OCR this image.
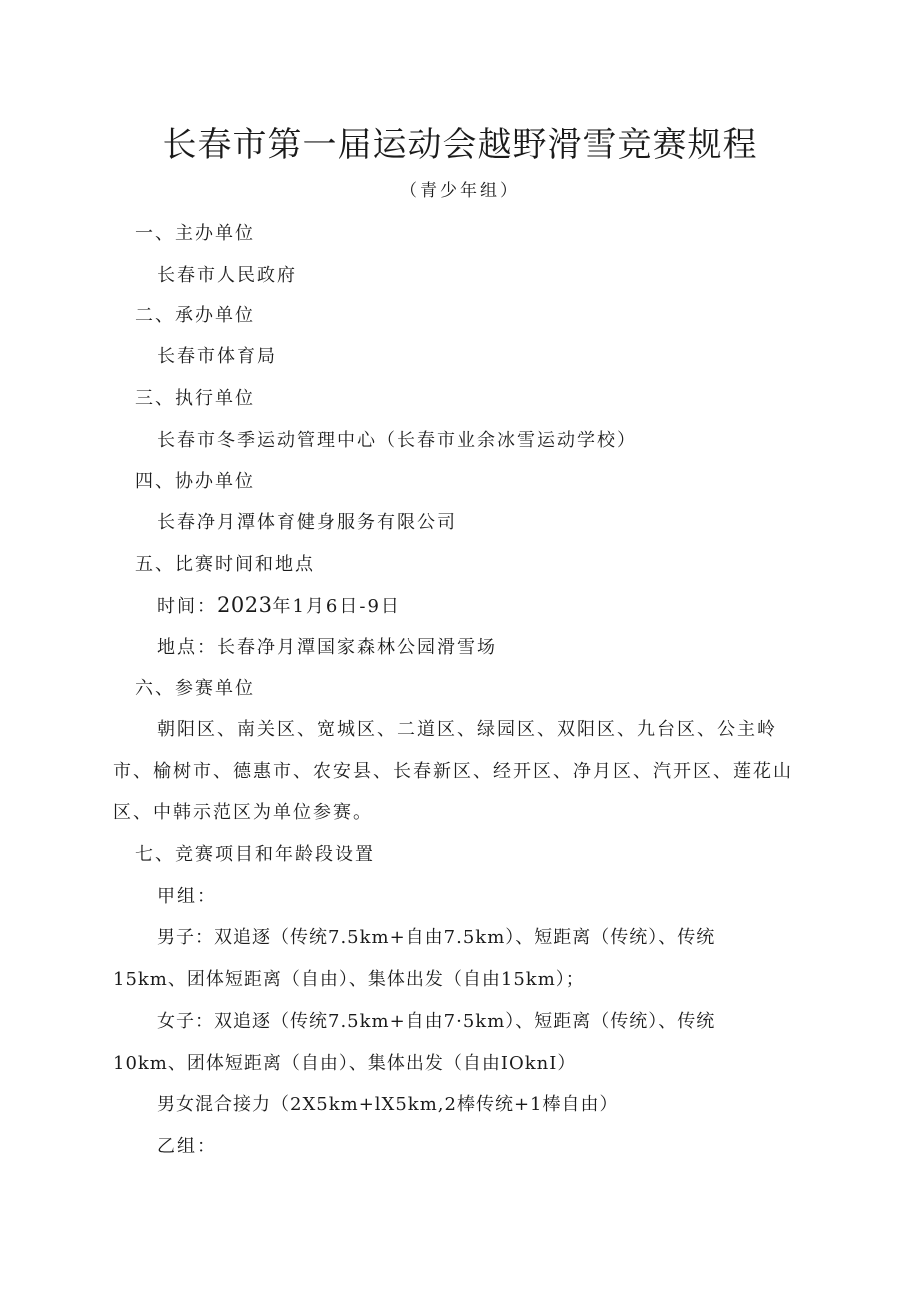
长春市第一届运动会越野滑雪竞赛规程
（青少年组）
一、主办单位
长春市人民政府
二、承办单位
长春市体育局
三、执行单位
长春市冬季运动管理中心（长春市业余冰雪运动学校）
四、协办单位
长春净月潭体育健身服务有限公司
五、比赛时间和地点
时间：2023年1月6日-9日
地点：长春净月潭国家森林公园滑雪场
六、参赛单位
朝阳区、南关区、宽城区、二道区、绿园区、双阳区、九台区、公主岭
市、榆树市、德惠市、农安县、长春新区、经开区、净月区、汽开区、莲花山
区、中韩示范区为单位参赛。
七、竞赛项目和年龄段设置
甲组：
男子：双追逐（传统7.5km+自由7.5km）、短距离（传统）、传统
15km、团体短距离（自由）、集体出发（自由15km）；
女子：双追逐（传统7.5km+自由7·5km）、短距离（传统）、传统
10km、团体短距离（自由）、集体出发（自由IOknI）
男女混合接力（2X5km+lX5km,2棒传统+1棒自由）
乙组：
